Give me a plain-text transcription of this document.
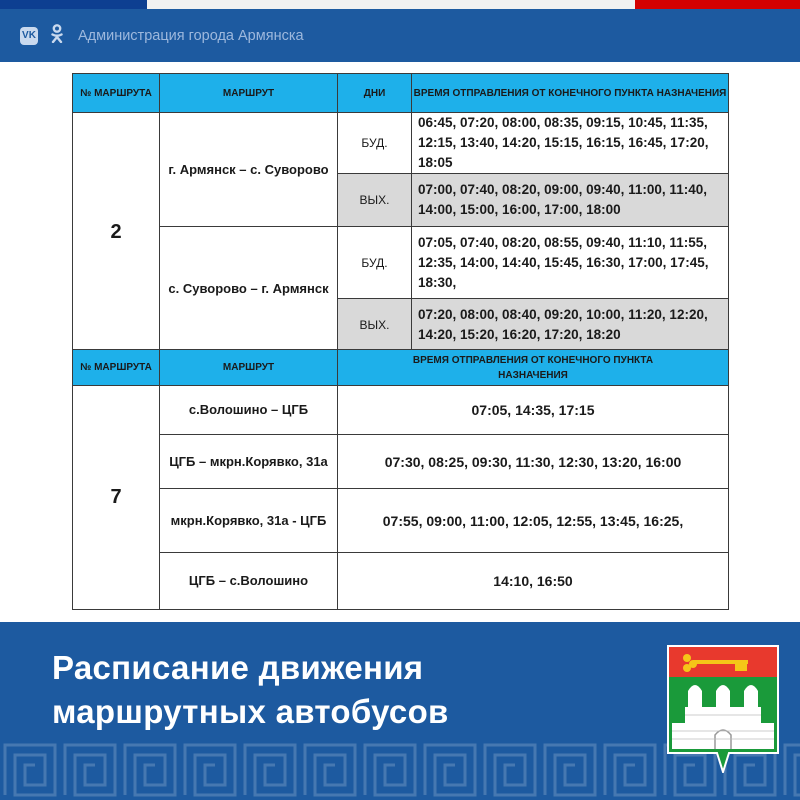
VK	Администрация города Армянска
№ МАРШРУТА	МАРШРУТ	ДНИ	ВРЕМЯ ОТПРАВЛЕНИЯ ОТ КОНЕЧНОГО ПУНКТА НАЗНАЧЕНИЯ
2	г. Армянск – с. Суворово	БУД.	06:45, 07:20, 08:00, 08:35, 09:15, 10:45, 11:35, 12:15, 13:40, 14:20, 15:15, 16:15, 16:45, 17:20, 18:05
		ВЫХ.	07:00, 07:40, 08:20, 09:00, 09:40, 11:00, 11:40, 14:00, 15:00, 16:00, 17:00, 18:00
	с. Суворово – г. Армянск	БУД.	07:05, 07:40, 08:20, 08:55, 09:40, 11:10, 11:55, 12:35, 14:00, 14:40, 15:45, 16:30, 17:00, 17:45, 18:30,
		ВЫХ.	07:20, 08:00, 08:40, 09:20, 10:00, 11:20, 12:20, 14:20, 15:20, 16:20, 17:20, 18:20
№ МАРШРУТА	МАРШРУТ	ВРЕМЯ ОТПРАВЛЕНИЯ ОТ КОНЕЧНОГО ПУНКТА НАЗНАЧЕНИЯ
7	с.Волошино – ЦГБ	07:05, 14:35, 17:15
	ЦГБ – мкрн.Корявко, 31а	07:30, 08:25, 09:30, 11:30, 12:30, 13:20, 16:00
	мкрн.Корявко, 31а - ЦГБ	07:55, 09:00, 11:00, 12:05, 12:55, 13:45, 16:25,
	ЦГБ – с.Волошино	14:10, 16:50
Расписание движения
маршрутных автобусов
